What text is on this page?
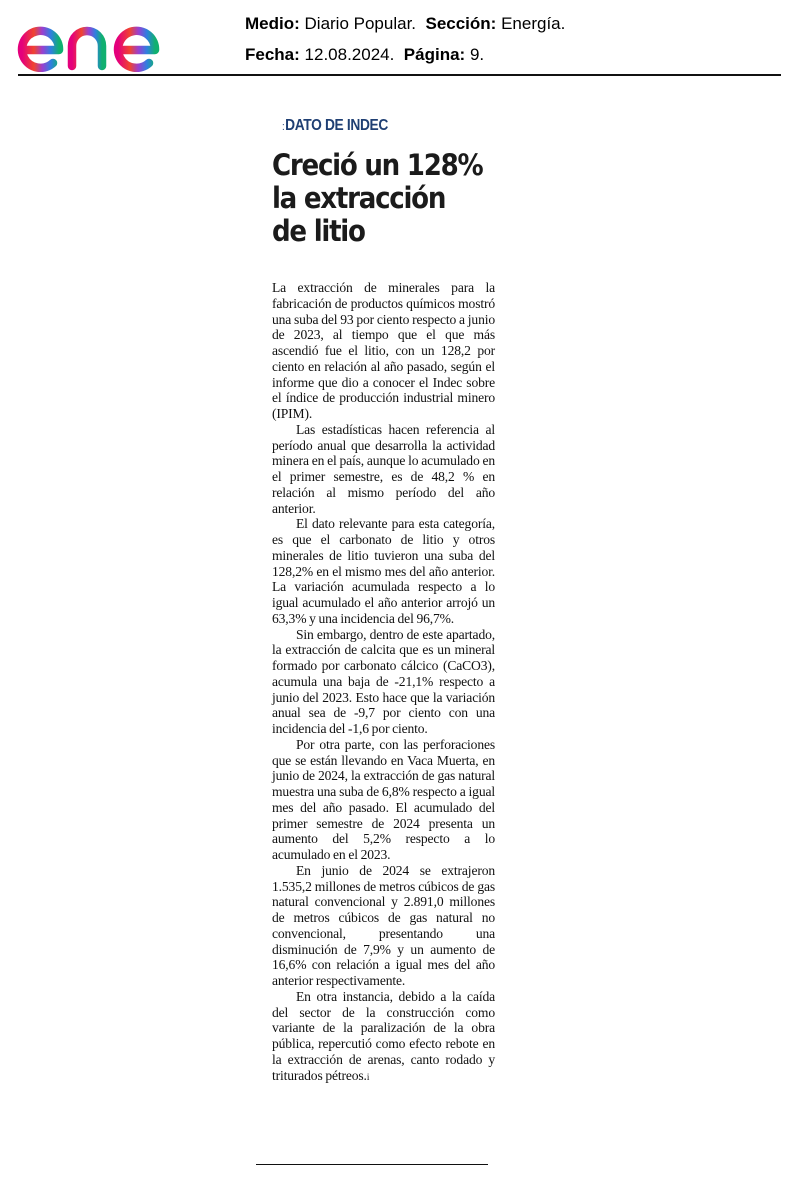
Medio: Diario Popular. Sección: Energía.
Fecha: 12.08.2024. Página: 9.
:DATO DE INDEC
Creció un 128%
la extracción
de litio

La extracción de minerales para la fabricación de productos químicos mostró una suba del 93 por ciento respecto a junio de 2023, al tiempo que el que más ascendió fue el litio, con un 128,2 por ciento en relación al año pasado, según el informe que dio a conocer el Indec sobre el índice de producción industrial minero (IPIM).

Las estadísticas hacen referencia al período anual que desarrolla la actividad minera en el país, aunque lo acumulado en el primer semestre, es de 48,2 % en relación al mismo período del año anterior.

El dato relevante para esta categoría, es que el carbonato de litio y otros minerales de litio tuvieron una suba del 128,2% en el mismo mes del año anterior. La variación acumulada respecto a lo igual acumulado el año anterior arrojó un 63,3% y una incidencia del 96,7%.

Sin embargo, dentro de este apartado, la extracción de calcita que es un mineral formado por carbonato cálcico (CaCO3), acumula una baja de -21,1% respecto a junio del 2023. Esto hace que la variación anual sea de -9,7 por ciento con una incidencia del -1,6 por ciento.

Por otra parte, con las perforaciones que se están llevando en Vaca Muerta, en junio de 2024, la extracción de gas natural muestra una suba de 6,8% respecto a igual mes del año pasado. El acumulado del primer semestre de 2024 presenta un aumento del 5,2% respecto a lo acumulado en el 2023.

En junio de 2024 se extrajeron 1.535,2 millones de metros cúbicos de gas natural convencional y 2.891,0 millones de metros cúbicos de gas natural no convencional, presentando una disminución de 7,9% y un aumento de 16,6% con relación a igual mes del año anterior respectivamente.

En otra instancia, debido a la caída del sector de la construcción como variante de la paralización de la obra pública, repercutió como efecto rebote en la extracción de arenas, canto rodado y triturados pétreos.i
